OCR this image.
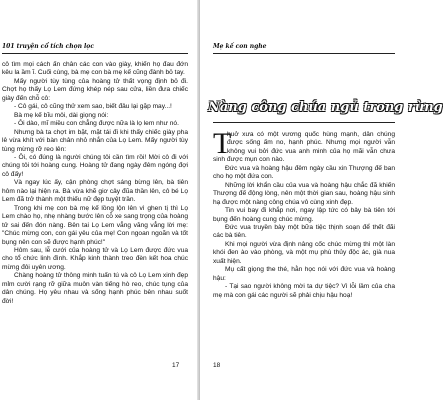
101 truyện cổ tích chọn lọc

cô tìm mọi cách ấn chân các con vào giày, khiến họ đau đớn kêu la ầm ĩ. Cuối cùng, bà mẹ con bà mẹ kế cũng đành bỏ tay.

Mấy người tùy tùng của hoàng tử thất vọng định bỏ đi. Chợt họ thấy Lọ Lem đứng khép nép sau cửa, liền đưa chiếc giày đến chỗ cô:

- Cô gái, cô cũng thử xem sao, biết đâu lại gặp may...!

Bà mẹ kế bĩu môi, dài giọng nói:

- Ôi dào, mĩ miều con chẳng được nữa là lọ lem như nó.

Nhưng bà ta chợt im bặt, mặt tái đi khi thấy chiếc giày pha lê vừa khít với bàn chân nhỏ nhắn của Lọ Lem. Mấy người tùy tùng mừng rỡ reo lên:

- Ôi, có đúng là người chúng tôi cần tìm rồi! Mời cô đi với chúng tôi tới hoàng cung. Hoàng tử đang ngày đêm ngóng đợi cô đấy!

Và ngay lúc ấy, cận phòng chợt sáng bừng lên, bà tiên hôm nào lại hiện ra. Bà vừa khẽ giơ cây đũa thần lên, cô bé Lọ Lem đã trở thành một thiếu nữ đẹp tuyệt trần.

Trong khi mẹ con bà mẹ kế lồng lộn lên vì ghen tị thì Lọ Lem chào họ, nhẹ nhàng bước lên cỗ xe sang trọng của hoàng tử sai đến đón nàng. Bên tai Lọ Lem vẳng văng vẳng lời mẹ: "Chúc mừng con, con gái yêu của mẹ! Con ngoan ngoãn và tốt bụng nên con sẽ được hạnh phúc!"

Hôm sau, lễ cưới của hoàng tử và Lọ Lem được đức vua cho tổ chức linh đình. Khắp kinh thành treo đèn kết hoa chúc mừng đôi uyên ương.

Chàng hoàng tử thông minh tuấn tú và cô Lọ Lem xinh đẹp mỉm cười rạng rỡ giữa muôn vàn tiếng hò reo, chúc tụng của dân chúng. Họ yêu nhau và sống hạnh phúc bên nhau suốt đời!

17
Mẹ kế con nghe
Nàng công chúa ngủ trong rừng
T

huở xưa có một vương quốc hùng mạnh, dân chúng được sống ấm no, hạnh phúc. Nhưng mọi người vẫn không vui bởi đức vua anh minh của họ mãi vẫn chưa sinh được mụn con nào.

Đức vua và hoàng hậu đêm ngày cầu xin Thượng đế ban cho họ một đứa con.

Những lời khẩn cầu của vua và hoàng hậu chắc đã khiến Thượng đế động lòng, nên một thời gian sau, hoàng hậu sinh hạ được một nàng công chúa vô cùng xinh đẹp.

Tin vui bay đi khắp nơi, ngay lập tức có bảy bà tiên tới bụng đến hoàng cung chúc mừng.

Đức vua truyền bày một bữa tiệc thịnh soạn để thết đãi các bà tiên.

Khi mọi người vừa định nâng cốc chúc mừng thì một làn khói đen ào vào phòng, và một mụ phù thủy độc ác, già nua xuất hiện.

Mụ cất giọng the thé, hằn học nói với đức vua và hoàng hậu:

- Tại sao người không mời ta dự tiệc? Vì lỗi lầm của cha mẹ mà con gái các người sẽ phải chịu hậu hoạ!

18
